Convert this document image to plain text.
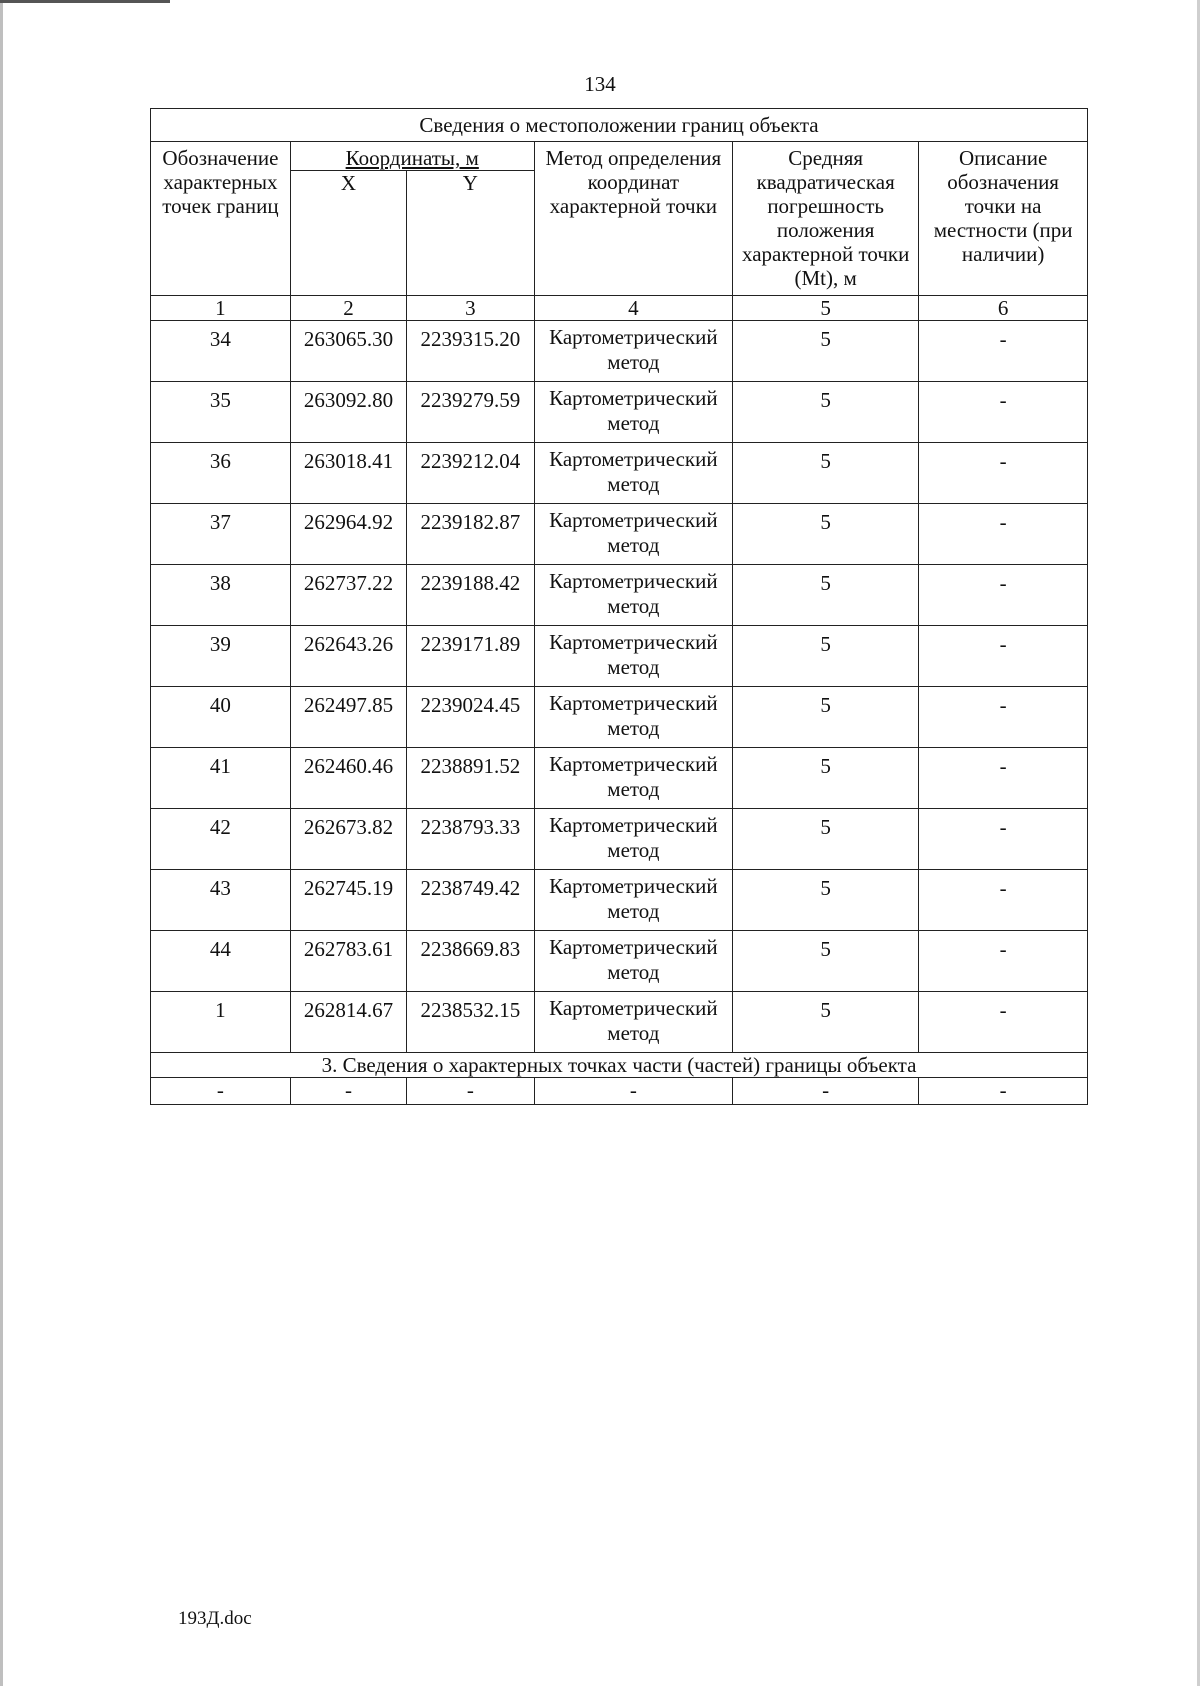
134
Сведения о местоположении границ объекта					
Обозначение характерных точек границ	Координаты, м		Метод определения координат характерной точки	Средняя квадратическая погрешность положения характерной точки (Mt), м	Описание обозначения точки на местности (при наличии)
	X	Y			
1	2	3	4	5	6
34	263065.30	2239315.20	Картометрический метод	5	-
35	263092.80	2239279.59	Картометрический метод	5	-
36	263018.41	2239212.04	Картометрический метод	5	-
37	262964.92	2239182.87	Картометрический метод	5	-
38	262737.22	2239188.42	Картометрический метод	5	-
39	262643.26	2239171.89	Картометрический метод	5	-
40	262497.85	2239024.45	Картометрический метод	5	-
41	262460.46	2238891.52	Картометрический метод	5	-
42	262673.82	2238793.33	Картометрический метод	5	-
43	262745.19	2238749.42	Картометрический метод	5	-
44	262783.61	2238669.83	Картометрический метод	5	-
1	262814.67	2238532.15	Картометрический метод	5	-
3. Сведения о характерных точках части (частей) границы объекта					
-	-	-	-	-	-
193Д.doc
